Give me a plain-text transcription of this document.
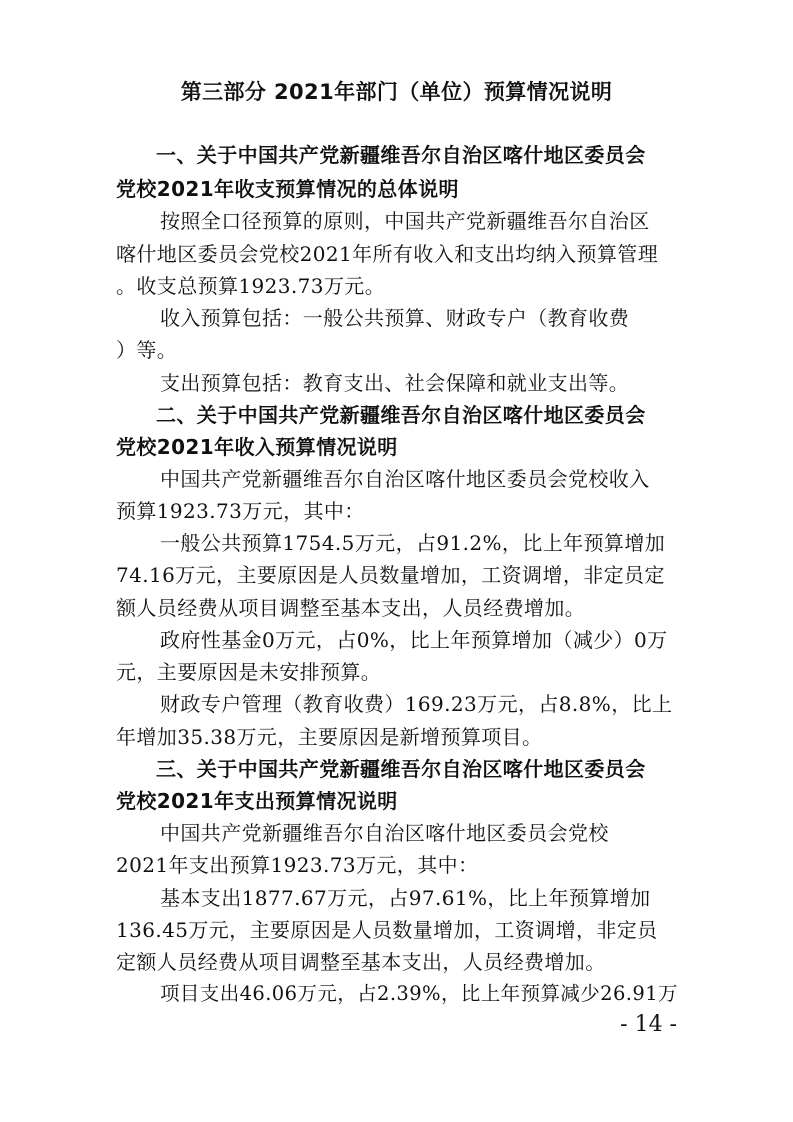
第三部分 2021年部门（单位）预算情况说明
一、关于中国共产党新疆维吾尔自治区喀什地区委员会
党校2021年收支预算情况的总体说明
按照全口径预算的原则，中国共产党新疆维吾尔自治区
喀什地区委员会党校2021年所有收入和支出均纳入预算管理
。收支总预算1923.73万元。
收入预算包括：一般公共预算、财政专户（教育收费
）等。
支出预算包括：教育支出、社会保障和就业支出等。
二、关于中国共产党新疆维吾尔自治区喀什地区委员会
党校2021年收入预算情况说明
中国共产党新疆维吾尔自治区喀什地区委员会党校收入
预算1923.73万元，其中：
一般公共预算1754.5万元，占91.2%，比上年预算增加
74.16万元，主要原因是人员数量增加，工资调增，非定员定
额人员经费从项目调整至基本支出，人员经费增加。
政府性基金0万元，占0%，比上年预算增加（减少）0万
元，主要原因是未安排预算。
财政专户管理（教育收费）169.23万元，占8.8%，比上
年增加35.38万元，主要原因是新增预算项目。
三、关于中国共产党新疆维吾尔自治区喀什地区委员会
党校2021年支出预算情况说明
中国共产党新疆维吾尔自治区喀什地区委员会党校
2021年支出预算1923.73万元，其中：
基本支出1877.67万元，占97.61%，比上年预算增加
136.45万元，主要原因是人员数量增加，工资调增，非定员
定额人员经费从项目调整至基本支出，人员经费增加。
项目支出46.06万元，占2.39%，比上年预算减少26.91万
- 14 -
